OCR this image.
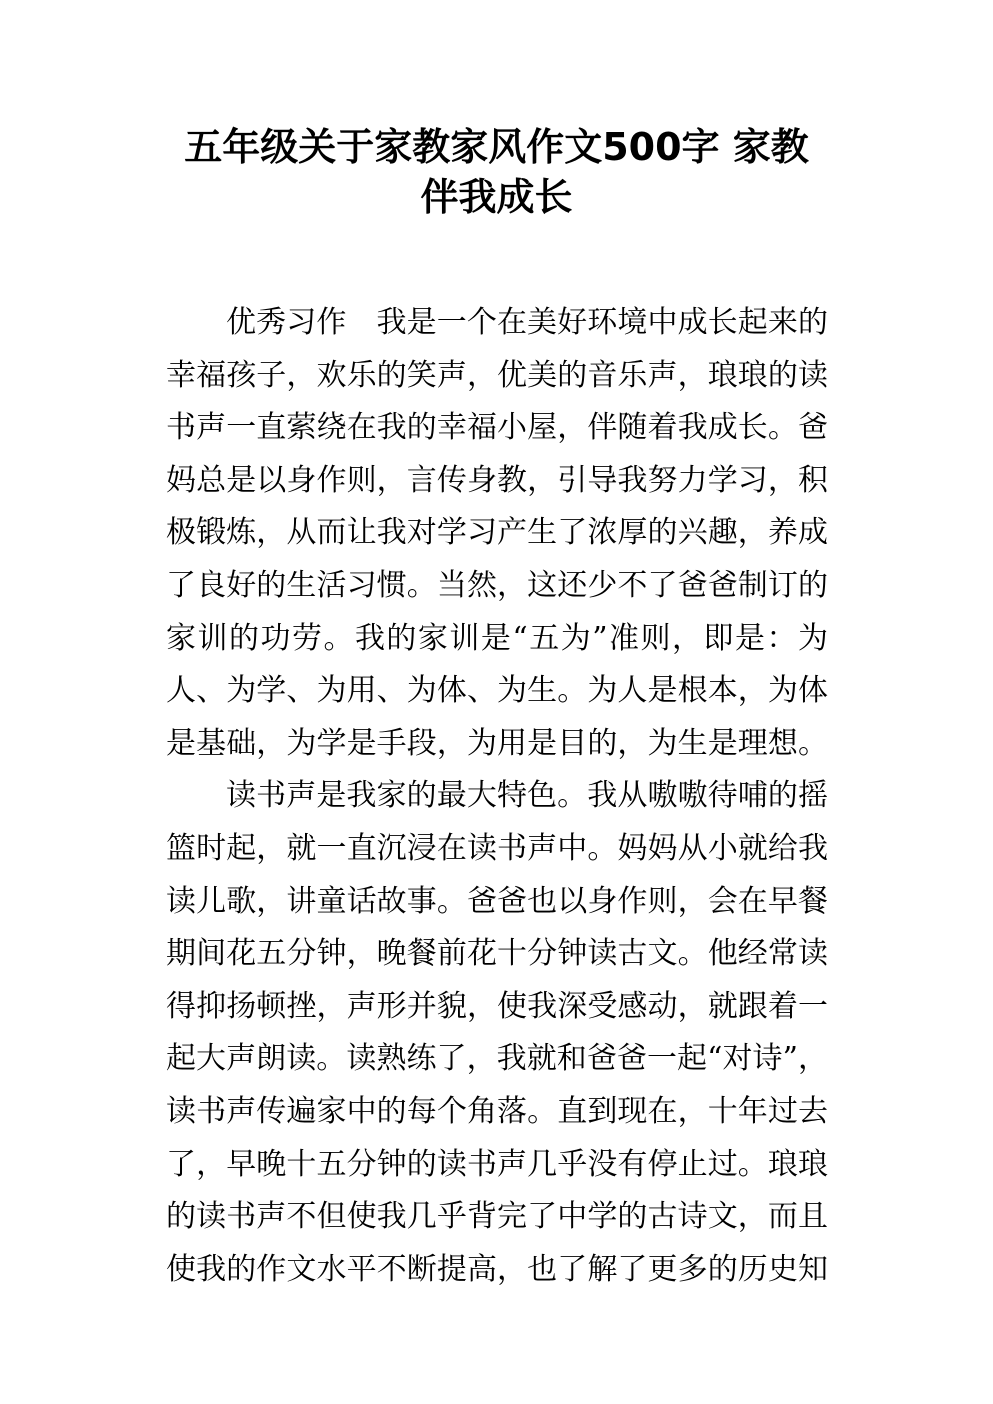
五年级关于家教家风作文500字 家教
伴我成长
优秀习作　我是一个在美好环境中成长起来的
幸福孩子，欢乐的笑声，优美的音乐声，琅琅的读
书声一直萦绕在我的幸福小屋，伴随着我成长。爸
妈总是以身作则，言传身教，引导我努力学习，积
极锻炼，从而让我对学习产生了浓厚的兴趣，养成
了良好的生活习惯。当然，这还少不了爸爸制订的
家训的功劳。我的家训是“五为”准则，即是：为
人、为学、为用、为体、为生。为人是根本，为体
是基础，为学是手段，为用是目的，为生是理想。
读书声是我家的最大特色。我从嗷嗷待哺的摇
篮时起，就一直沉浸在读书声中。妈妈从小就给我
读儿歌，讲童话故事。爸爸也以身作则，会在早餐
期间花五分钟，晚餐前花十分钟读古文。他经常读
得抑扬顿挫，声形并貌，使我深受感动，就跟着一
起大声朗读。读熟练了，我就和爸爸一起“对诗”，
读书声传遍家中的每个角落。直到现在，十年过去
了，早晚十五分钟的读书声几乎没有停止过。琅琅
的读书声不但使我几乎背完了中学的古诗文，而且
使我的作文水平不断提高，也了解了更多的历史知
